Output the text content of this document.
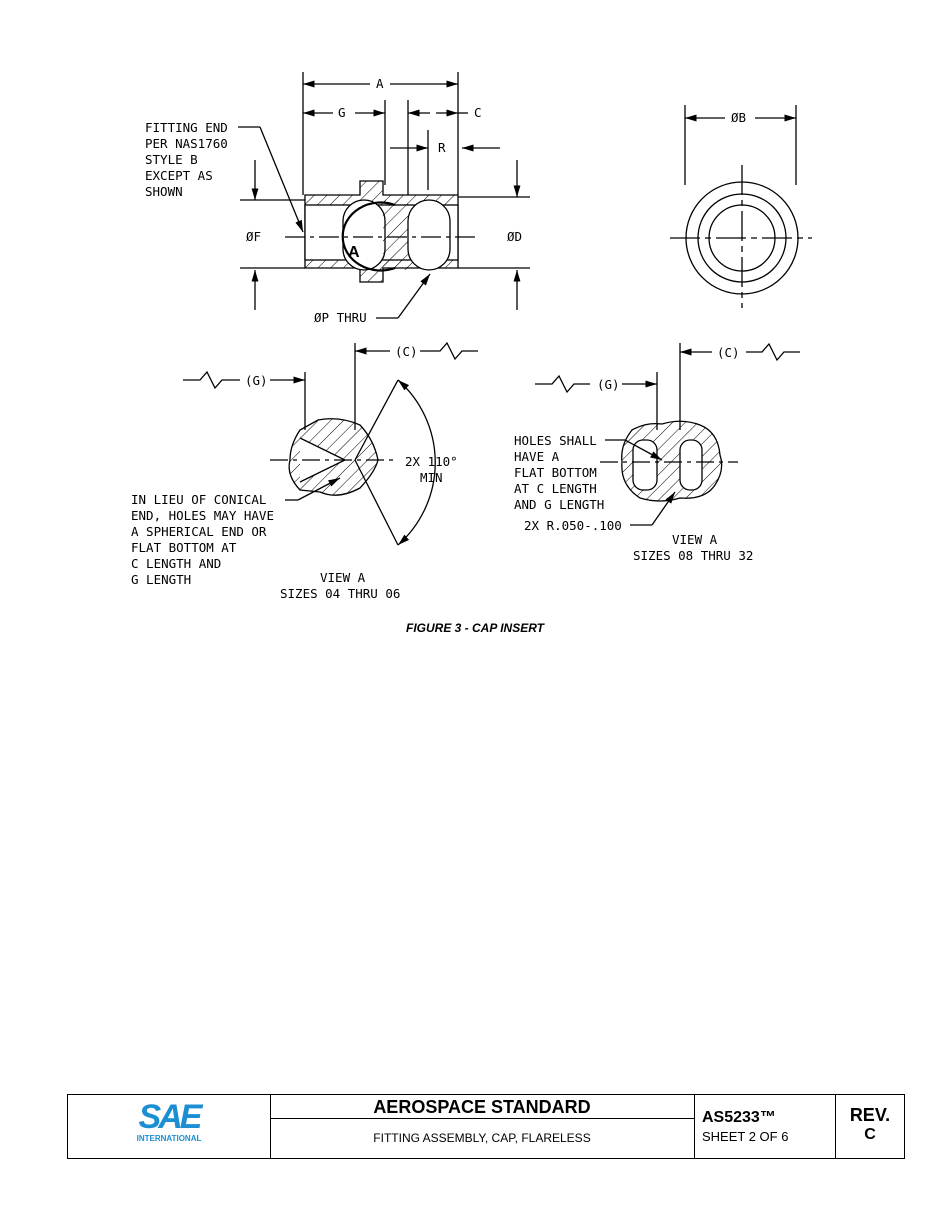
A
G	C
R
ØF	ØD
ØB
ØP THRU
A
FITTING END
PER NAS1760
STYLE B
EXCEPT AS
SHOWN
(G)
(C)
(G)
(C)
2X 110°
MIN
IN LIEU OF CONICAL
END, HOLES MAY HAVE
A SPHERICAL END OR
FLAT BOTTOM AT
C LENGTH AND
G LENGTH	VIEW A
SIZES 04 THRU 06
HOLES SHALL
HAVE A
FLAT BOTTOM
AT C LENGTH
AND G LENGTH
2X R.050-.100
VIEW A
SIZES 08 THRU 32
FIGURE 3 - CAP INSERT
SAE
INTERNATIONAL
AEROSPACE STANDARD
FITTING ASSEMBLY, CAP, FLARELESS
AS5233™
SHEET 2 OF 6
REV.
C
